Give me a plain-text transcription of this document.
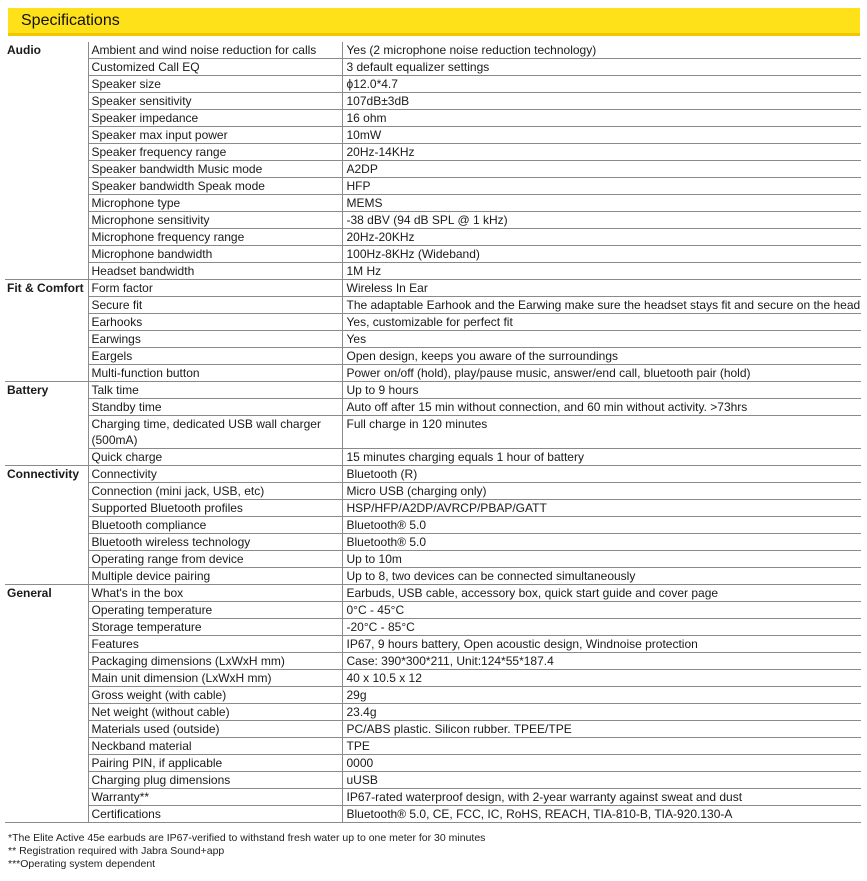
Specifications
Audio	Ambient and wind noise reduction for calls	Yes (2 microphone noise reduction technology)
	Customized Call EQ	3 default equalizer settings
	Speaker size	ϕ12.0*4.7
	Speaker sensitivity	107dB±3dB
	Speaker impedance	16 ohm
	Speaker max input power	10mW
	Speaker frequency range	20Hz-14KHz
	Speaker bandwidth Music mode	A2DP
	Speaker bandwidth Speak mode	HFP
	Microphone type	MEMS
	Microphone sensitivity	-38 dBV (94 dB SPL @ 1 kHz)
	Microphone frequency range	20Hz-20KHz
	Microphone bandwidth	100Hz-8KHz (Wideband)
	Headset bandwidth	1M Hz
Fit & Comfort	Form factor	Wireless In Ear
	Secure fit	The adaptable Earhook and the Earwing make sure the headset stays fit and secure on the head
	Earhooks	Yes, customizable for perfect fit
	Earwings	Yes
	Eargels	Open design, keeps you aware of the surroundings
	Multi-function button	Power on/off (hold), play/pause music, answer/end call, bluetooth pair (hold)
Battery	Talk time	Up to 9 hours
	Standby time	Auto off after 15 min without connection, and 60 min without activity. >73hrs
	Charging time, dedicated USB wall charger (500mA)	Full charge in 120 minutes
	Quick charge	15 minutes charging equals 1 hour of battery
Connectivity	Connectivity	Bluetooth (R)
	Connection (mini jack, USB, etc)	Micro USB (charging only)
	Supported Bluetooth profiles	HSP/HFP/A2DP/AVRCP/PBAP/GATT
	Bluetooth compliance	Bluetooth® 5.0
	Bluetooth wireless technology	Bluetooth® 5.0
	Operating range from device	Up to 10m
	Multiple device pairing	Up to 8, two devices can be connected simultaneously
General	What's in the box	Earbuds, USB cable, accessory box, quick start guide and cover page
	Operating temperature	0°C - 45°C
	Storage temperature	-20°C - 85°C
	Features	IP67, 9 hours battery, Open acoustic design, Windnoise protection
	Packaging dimensions (LxWxH mm)	Case: 390*300*211, Unit:124*55*187.4
	Main unit dimension (LxWxH mm)	40 x 10.5 x 12
	Gross weight (with cable)	29g
	Net weight (without cable)	23.4g
	Materials used (outside)	PC/ABS plastic. Silicon rubber. TPEE/TPE
	Neckband material	TPE
	Pairing PIN, if applicable	0000
	Charging plug dimensions	uUSB
	Warranty**	IP67-rated waterproof design, with 2-year warranty against sweat and dust
	Certifications	Bluetooth® 5.0, CE, FCC, IC, RoHS, REACH, TIA-810-B, TIA-920.130-A
*The Elite Active 45e earbuds are IP67-verified to withstand fresh water up to one meter for 30 minutes
** Registration required with Jabra Sound+app
***Operating system dependent
